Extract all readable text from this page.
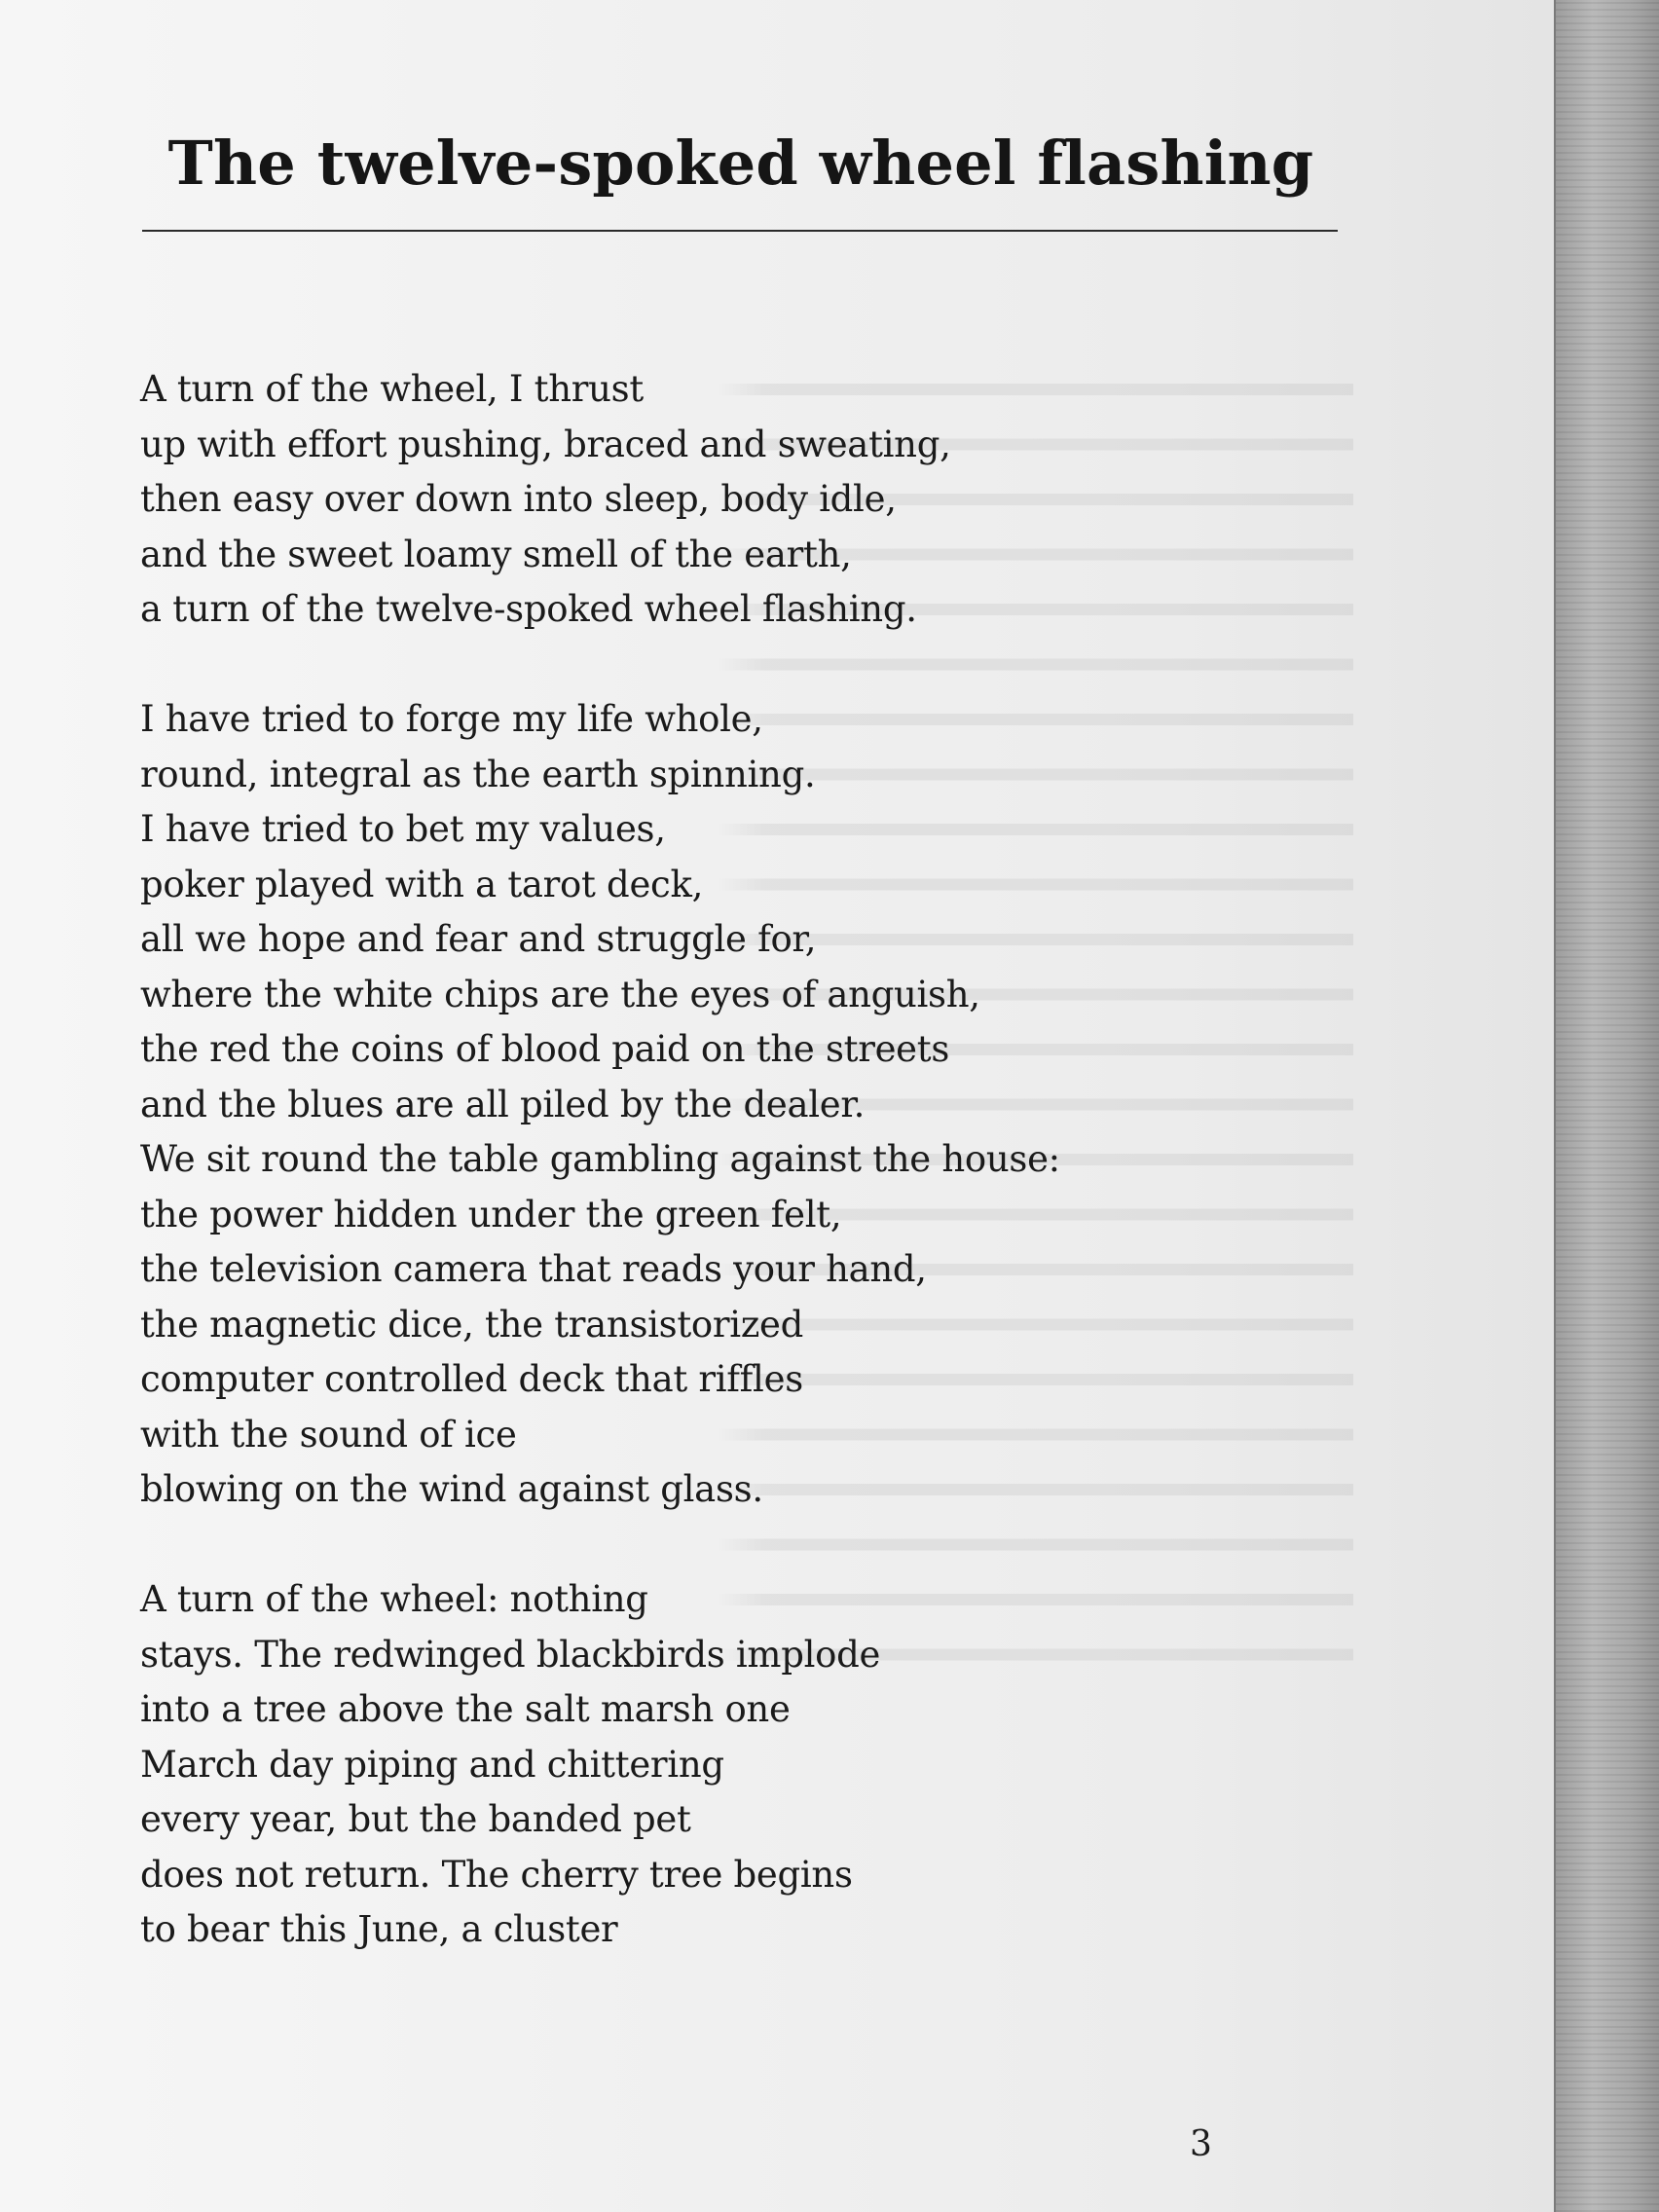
The twelve-spoked wheel flashing
A turn of the wheel, I thrust
up with effort pushing, braced and sweating,
then easy over down into sleep, body idle,
and the sweet loamy smell of the earth,
a turn of the twelve-spoked wheel flashing.
I have tried to forge my life whole,
round, integral as the earth spinning.
I have tried to bet my values,
poker played with a tarot deck,
all we hope and fear and struggle for,
where the white chips are the eyes of anguish,
the red the coins of blood paid on the streets
and the blues are all piled by the dealer.
We sit round the table gambling against the house:
the power hidden under the green felt,
the television camera that reads your hand,
the magnetic dice, the transistorized
computer controlled deck that riffles
with the sound of ice
blowing on the wind against glass.
A turn of the wheel: nothing
stays. The redwinged blackbirds implode
into a tree above the salt marsh one
March day piping and chittering
every year, but the banded pet
does not return. The cherry tree begins
to bear this June, a cluster
3
